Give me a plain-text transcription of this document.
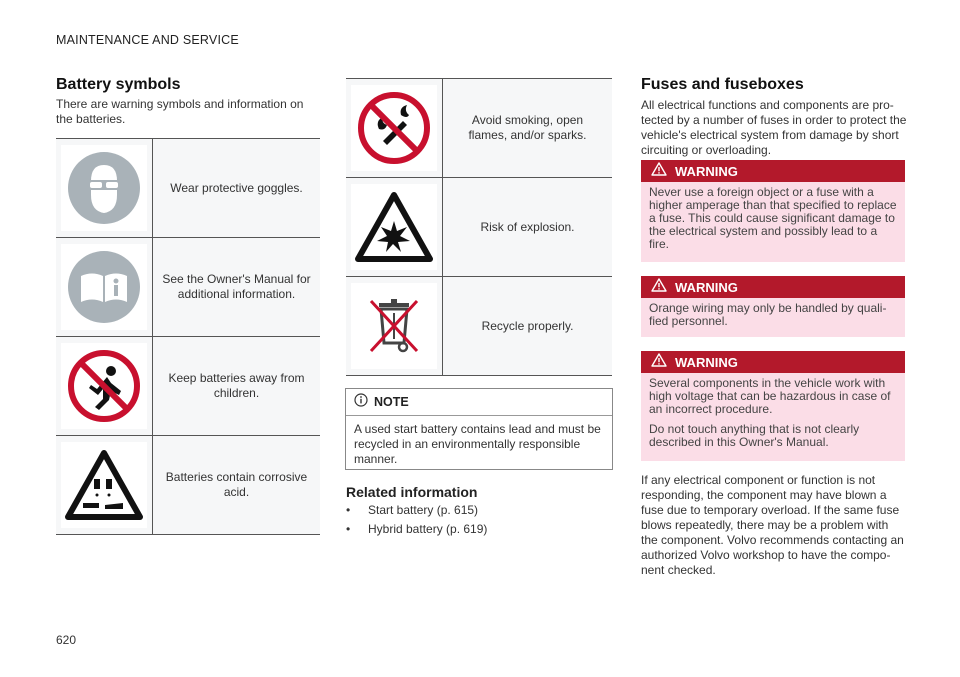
MAINTENANCE AND SERVICE
Battery symbols
There are warning symbols and information on the batteries.
Wear protective goggles.
See the Owner's Manual for additional information.
Keep batteries away from children.
Batteries contain corrosive acid.
Avoid smoking, open flames, and/or sparks.
Risk of explosion.
Recycle properly.
NOTE
A used start battery contains lead and must be recycled in an environmentally responsible manner.
Related information
•	Start battery (p. 615)
•	Hybrid battery (p. 619)
Fuses and fuseboxes
All electrical functions and components are pro-tected by a number of fuses in order to protect the vehicle's electrical system from damage by short circuiting or overloading.
WARNING

Never use a foreign object or a fuse with a higher amperage than that specified to replace a fuse. This could cause significant damage to the electrical system and possibly lead to a fire.

WARNING

Orange wiring may only be handled by quali-fied personnel.

WARNING

Several components in the vehicle work with high voltage that can be hazardous in case of an incorrect procedure.

Do not touch anything that is not clearly described in this Owner's Manual.

If any electrical component or function is not responding, the component may have blown a fuse due to temporary overload. If the same fuse blows repeatedly, there may be a problem with the component. Volvo recommends contacting an authorized Volvo workshop to have the compo-nent checked.
620
